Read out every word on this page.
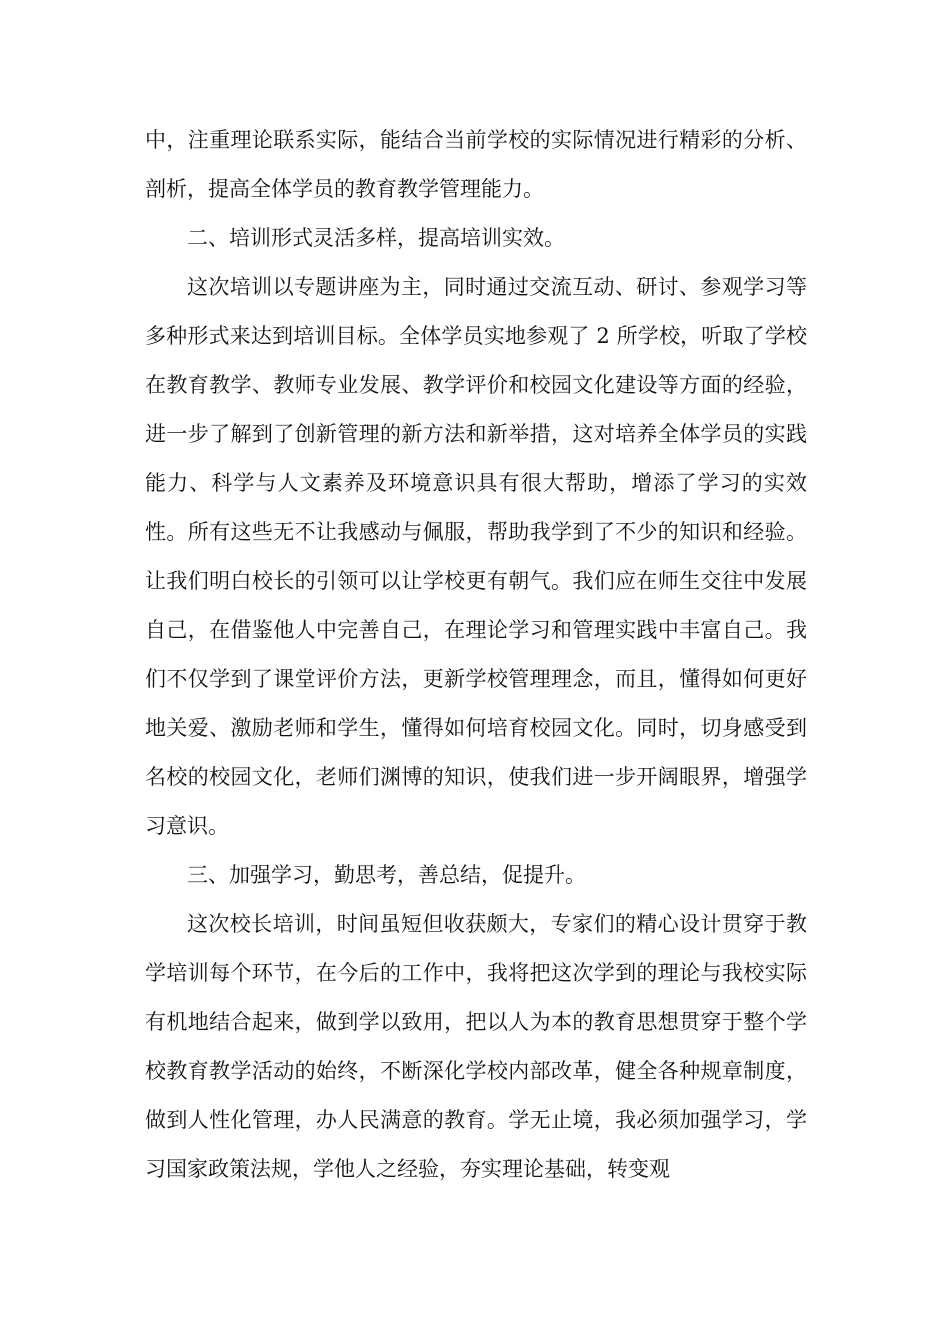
中，注重理论联系实际，能结合当前学校的实际情况进行精彩的分析、剖析，提高全体学员的教育教学管理能力。

二、培训形式灵活多样，提高培训实效。

这次培训以专题讲座为主，同时通过交流互动、研讨、参观学习等多种形式来达到培训目标。全体学员实地参观了 2 所学校，听取了学校在教育教学、教师专业发展、教学评价和校园文化建设等方面的经验，进一步了解到了创新管理的新方法和新举措，这对培养全体学员的实践能力、科学与人文素养及环境意识具有很大帮助，增添了学习的实效性。所有这些无不让我感动与佩服，帮助我学到了不少的知识和经验。让我们明白校长的引领可以让学校更有朝气。我们应在师生交往中发展自己，在借鉴他人中完善自己，在理论学习和管理实践中丰富自己。我们不仅学到了课堂评价方法，更新学校管理理念，而且，懂得如何更好地关爱、激励老师和学生，懂得如何培育校园文化。同时，切身感受到名校的校园文化，老师们渊博的知识，使我们进一步开阔眼界，增强学习意识。

三、加强学习，勤思考，善总结，促提升。

这次校长培训，时间虽短但收获颇大，专家们的精心设计贯穿于教学培训每个环节，在今后的工作中，我将把这次学到的理论与我校实际有机地结合起来，做到学以致用，把以人为本的教育思想贯穿于整个学校教育教学活动的始终，不断深化学校内部改革，健全各种规章制度，做到人性化管理，办人民满意的教育。学无止境，我必须加强学习，学习国家政策法规，学他人之经验，夯实理论基础，转变观
